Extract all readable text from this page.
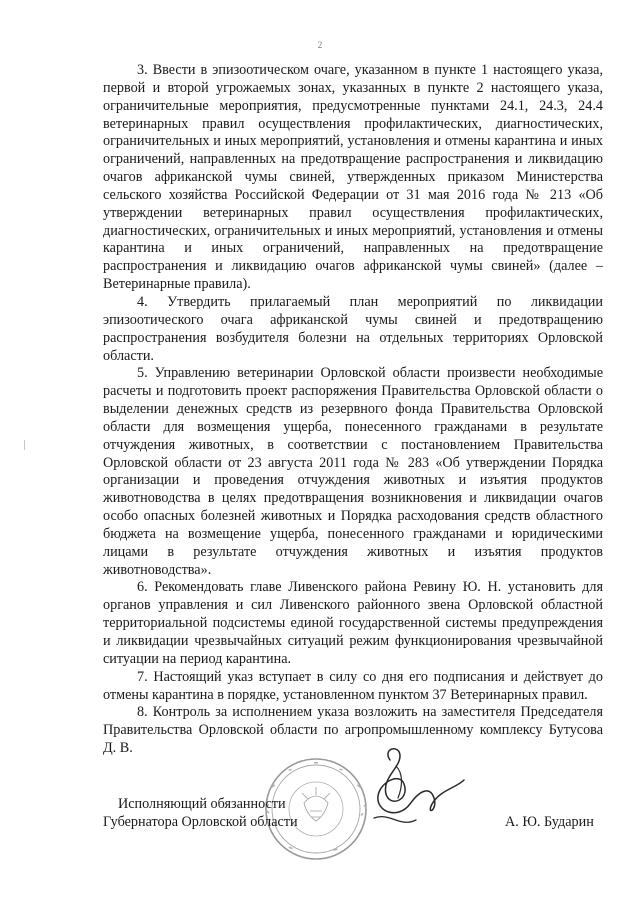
2

3. Ввести в эпизоотическом очаге, указанном в пункте 1 настоящего указа, первой и второй угрожаемых зонах, указанных в пункте 2 настоящего указа, ограничительные мероприятия, предусмотренные пунктами 24.1, 24.3, 24.4 ветеринарных правил осуществления профилактических, диагностических, ограничительных и иных мероприятий, установления и отмены карантина и иных ограничений, направленных на предотвращение распространения и ликвидацию очагов африканской чумы свиней, утвержденных приказом Министерства сельского хозяйства Российской Федерации от 31 мая 2016 года № 213 «Об утверждении ветеринарных правил осуществления профилактических, диагностических, ограничительных и иных мероприятий, установления и отмены карантина и иных ограничений, направленных на предотвращение распространения и ликвидацию очагов африканской чумы свиней» (далее – Ветеринарные правила).

4. Утвердить прилагаемый план мероприятий по ликвидации эпизоотического очага африканской чумы свиней и предотвращению распространения возбудителя болезни на отдельных территориях Орловской области.

5. Управлению ветеринарии Орловской области произвести необходимые расчеты и подготовить проект распоряжения Правительства Орловской области о выделении денежных средств из резервного фонда Правительства Орловской области для возмещения ущерба, понесенного гражданами в результате отчуждения животных, в соответствии с постановлением Правительства Орловской области от 23 августа 2011 года № 283 «Об утверждении Порядка организации и проведения отчуждения животных и изъятия продуктов животноводства в целях предотвращения возникновения и ликвидации очагов особо опасных болезней животных и Порядка расходования средств областного бюджета на возмещение ущерба, понесенного гражданами и юридическими лицами в результате отчуждения животных и изъятия продуктов животноводства».

6. Рекомендовать главе Ливенского района Ревину Ю. Н. установить для органов управления и сил Ливенского районного звена Орловской областной территориальной подсистемы единой государственной системы предупреждения и ликвидации чрезвычайных ситуаций режим функционирования чрезвычайной ситуации на период карантина.

7. Настоящий указ вступает в силу со дня его подписания и действует до отмены карантина в порядке, установленном пунктом 37 Ветеринарных правил.

8. Контроль за исполнением указа возложить на заместителя Председателя Правительства Орловской области по агропромышленному комплексу Бутусова Д. В.

Исполняющий обязанности
Губернатора Орловской области	А. Ю. Бударин
